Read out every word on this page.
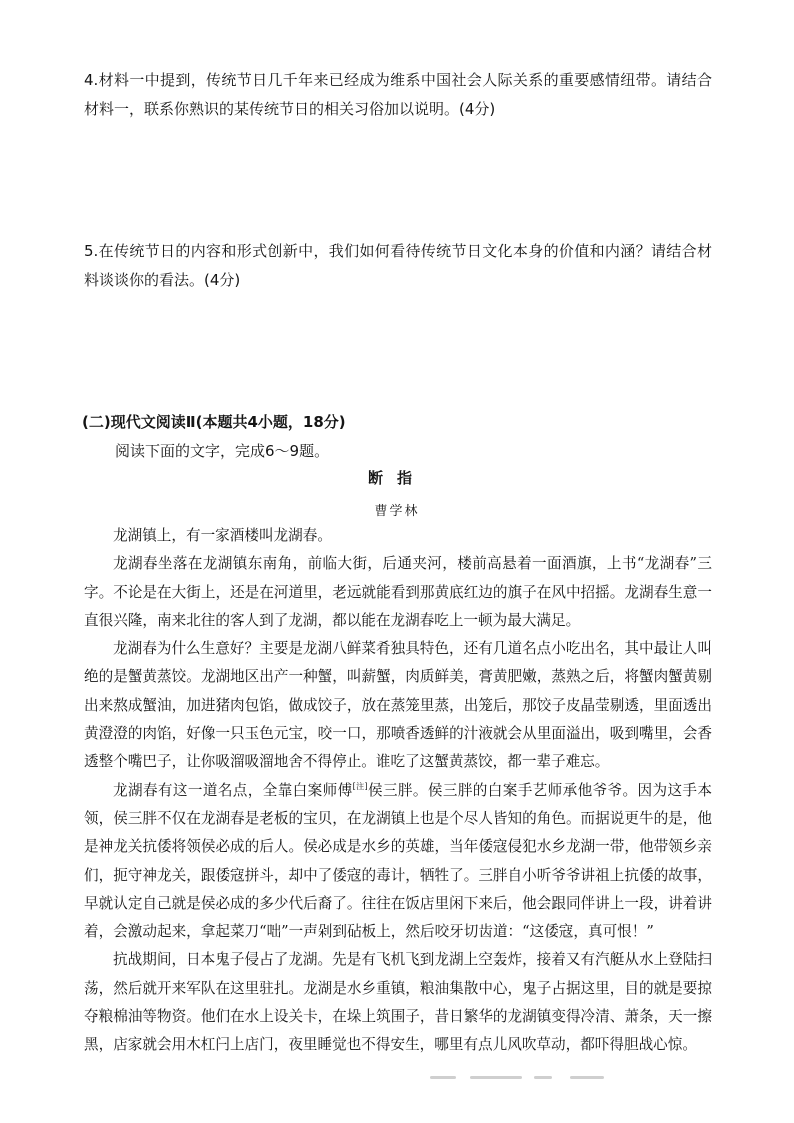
4.材料一中提到，传统节日几千年来已经成为维系中国社会人际关系的重要感情纽带。请结合材料一，联系你熟识的某传统节日的相关习俗加以说明。(4分)
5.在传统节日的内容和形式创新中，我们如何看待传统节日文化本身的价值和内涵？请结合材料谈谈你的看法。(4分)
(二)现代文阅读Ⅱ(本题共4小题，18分)
阅读下面的文字，完成6～9题。
断指
曹学林

龙湖镇上，有一家酒楼叫龙湖春。

龙湖春坐落在龙湖镇东南角，前临大街，后通夹河，楼前高悬着一面酒旗，上书“龙湖春”三字。不论是在大街上，还是在河道里，老远就能看到那黄底红边的旗子在风中招摇。龙湖春生意一直很兴隆，南来北往的客人到了龙湖，都以能在龙湖春吃上一顿为最大满足。

龙湖春为什么生意好？主要是龙湖八鲜菜肴独具特色，还有几道名点小吃出名，其中最让人叫绝的是蟹黄蒸饺。龙湖地区出产一种蟹，叫薪蟹，肉质鲜美，膏黄肥嫩，蒸熟之后，将蟹肉蟹黄剔出来熬成蟹油，加进猪肉包馅，做成饺子，放在蒸笼里蒸，出笼后，那饺子皮晶莹剔透，里面透出黄澄澄的肉馅，好像一只玉色元宝，咬一口，那喷香透鲜的汁液就会从里面溢出，吸到嘴里，会香透整个嘴巴子，让你吸溜吸溜地舍不得停止。谁吃了这蟹黄蒸饺，都一辈子难忘。

龙湖春有这一道名点，全靠白案师傅[注]侯三胖。侯三胖的白案手艺师承他爷爷。因为这手本领，侯三胖不仅在龙湖春是老板的宝贝，在龙湖镇上也是个尽人皆知的角色。而据说更牛的是，他是神龙关抗倭将领侯必成的后人。侯必成是水乡的英雄，当年倭寇侵犯水乡龙湖一带，他带领乡亲们，扼守神龙关，跟倭寇拼斗，却中了倭寇的毒计，牺牲了。三胖自小听爷爷讲祖上抗倭的故事，早就认定自己就是侯必成的多少代后裔了。往往在饭店里闲下来后，他会跟同伴讲上一段，讲着讲着，会激动起来，拿起菜刀“咄”一声剁到砧板上，然后咬牙切齿道：“这倭寇，真可恨！”

抗战期间，日本鬼子侵占了龙湖。先是有飞机飞到龙湖上空轰炸，接着又有汽艇从水上登陆扫荡，然后就开来军队在这里驻扎。龙湖是水乡重镇，粮油集散中心，鬼子占据这里，目的就是要掠夺粮棉油等物资。他们在水上设关卡，在垛上筑围子，昔日繁华的龙湖镇变得冷清、萧条，天一擦黑，店家就会用木杠闩上店门，夜里睡觉也不得安生，哪里有点儿风吹草动，都吓得胆战心惊。
